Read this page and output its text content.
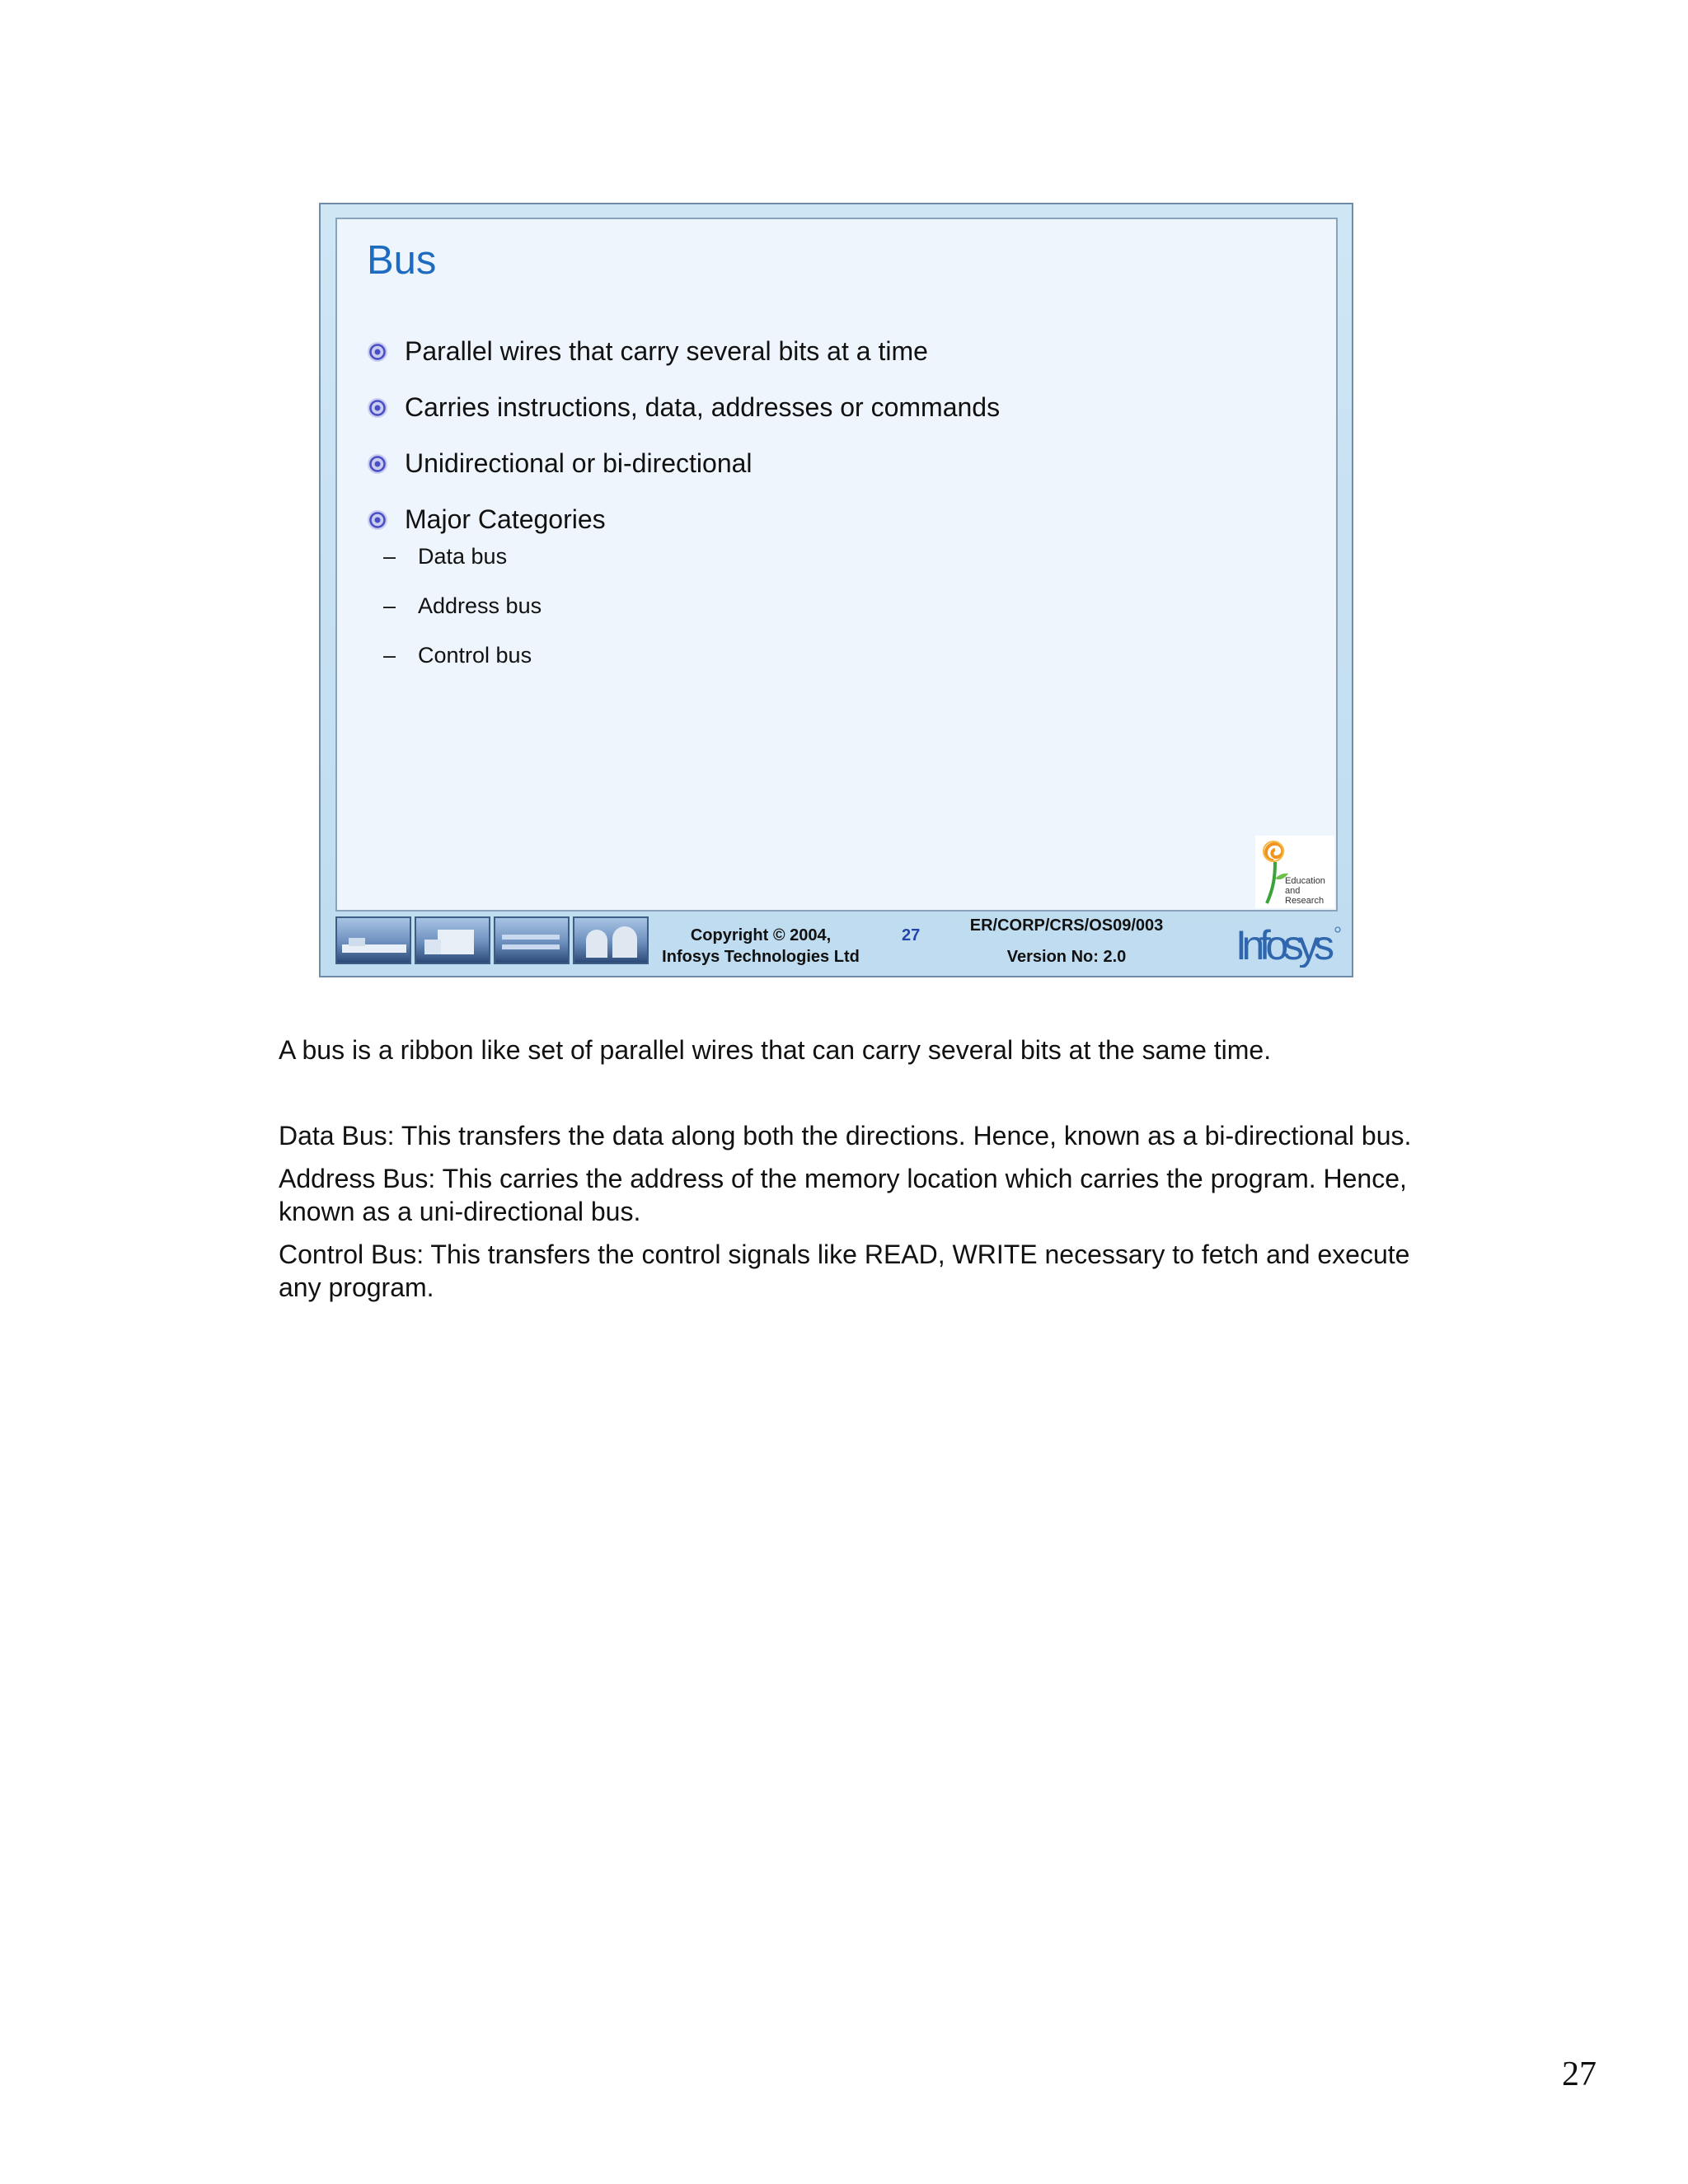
Bus
Parallel wires that carry several bits at a time
Carries instructions, data, addresses or commands
Unidirectional or bi-directional
Major Categories
– Data bus
– Address bus
– Control bus
Education
and
Research
Copyright © 2004,
Infosys Technologies Ltd
27
ER/CORP/CRS/OS09/003
Version No: 2.0	Infosys

A bus is a ribbon like set of parallel wires that can carry several bits at the same time.

Data Bus: This transfers the data along both the directions. Hence, known as a bi-directional bus.

Address Bus: This carries the address of the memory location which carries the program. Hence, known as a uni-directional bus.

Control Bus: This transfers the control signals like READ, WRITE necessary to fetch and execute any program.

27
